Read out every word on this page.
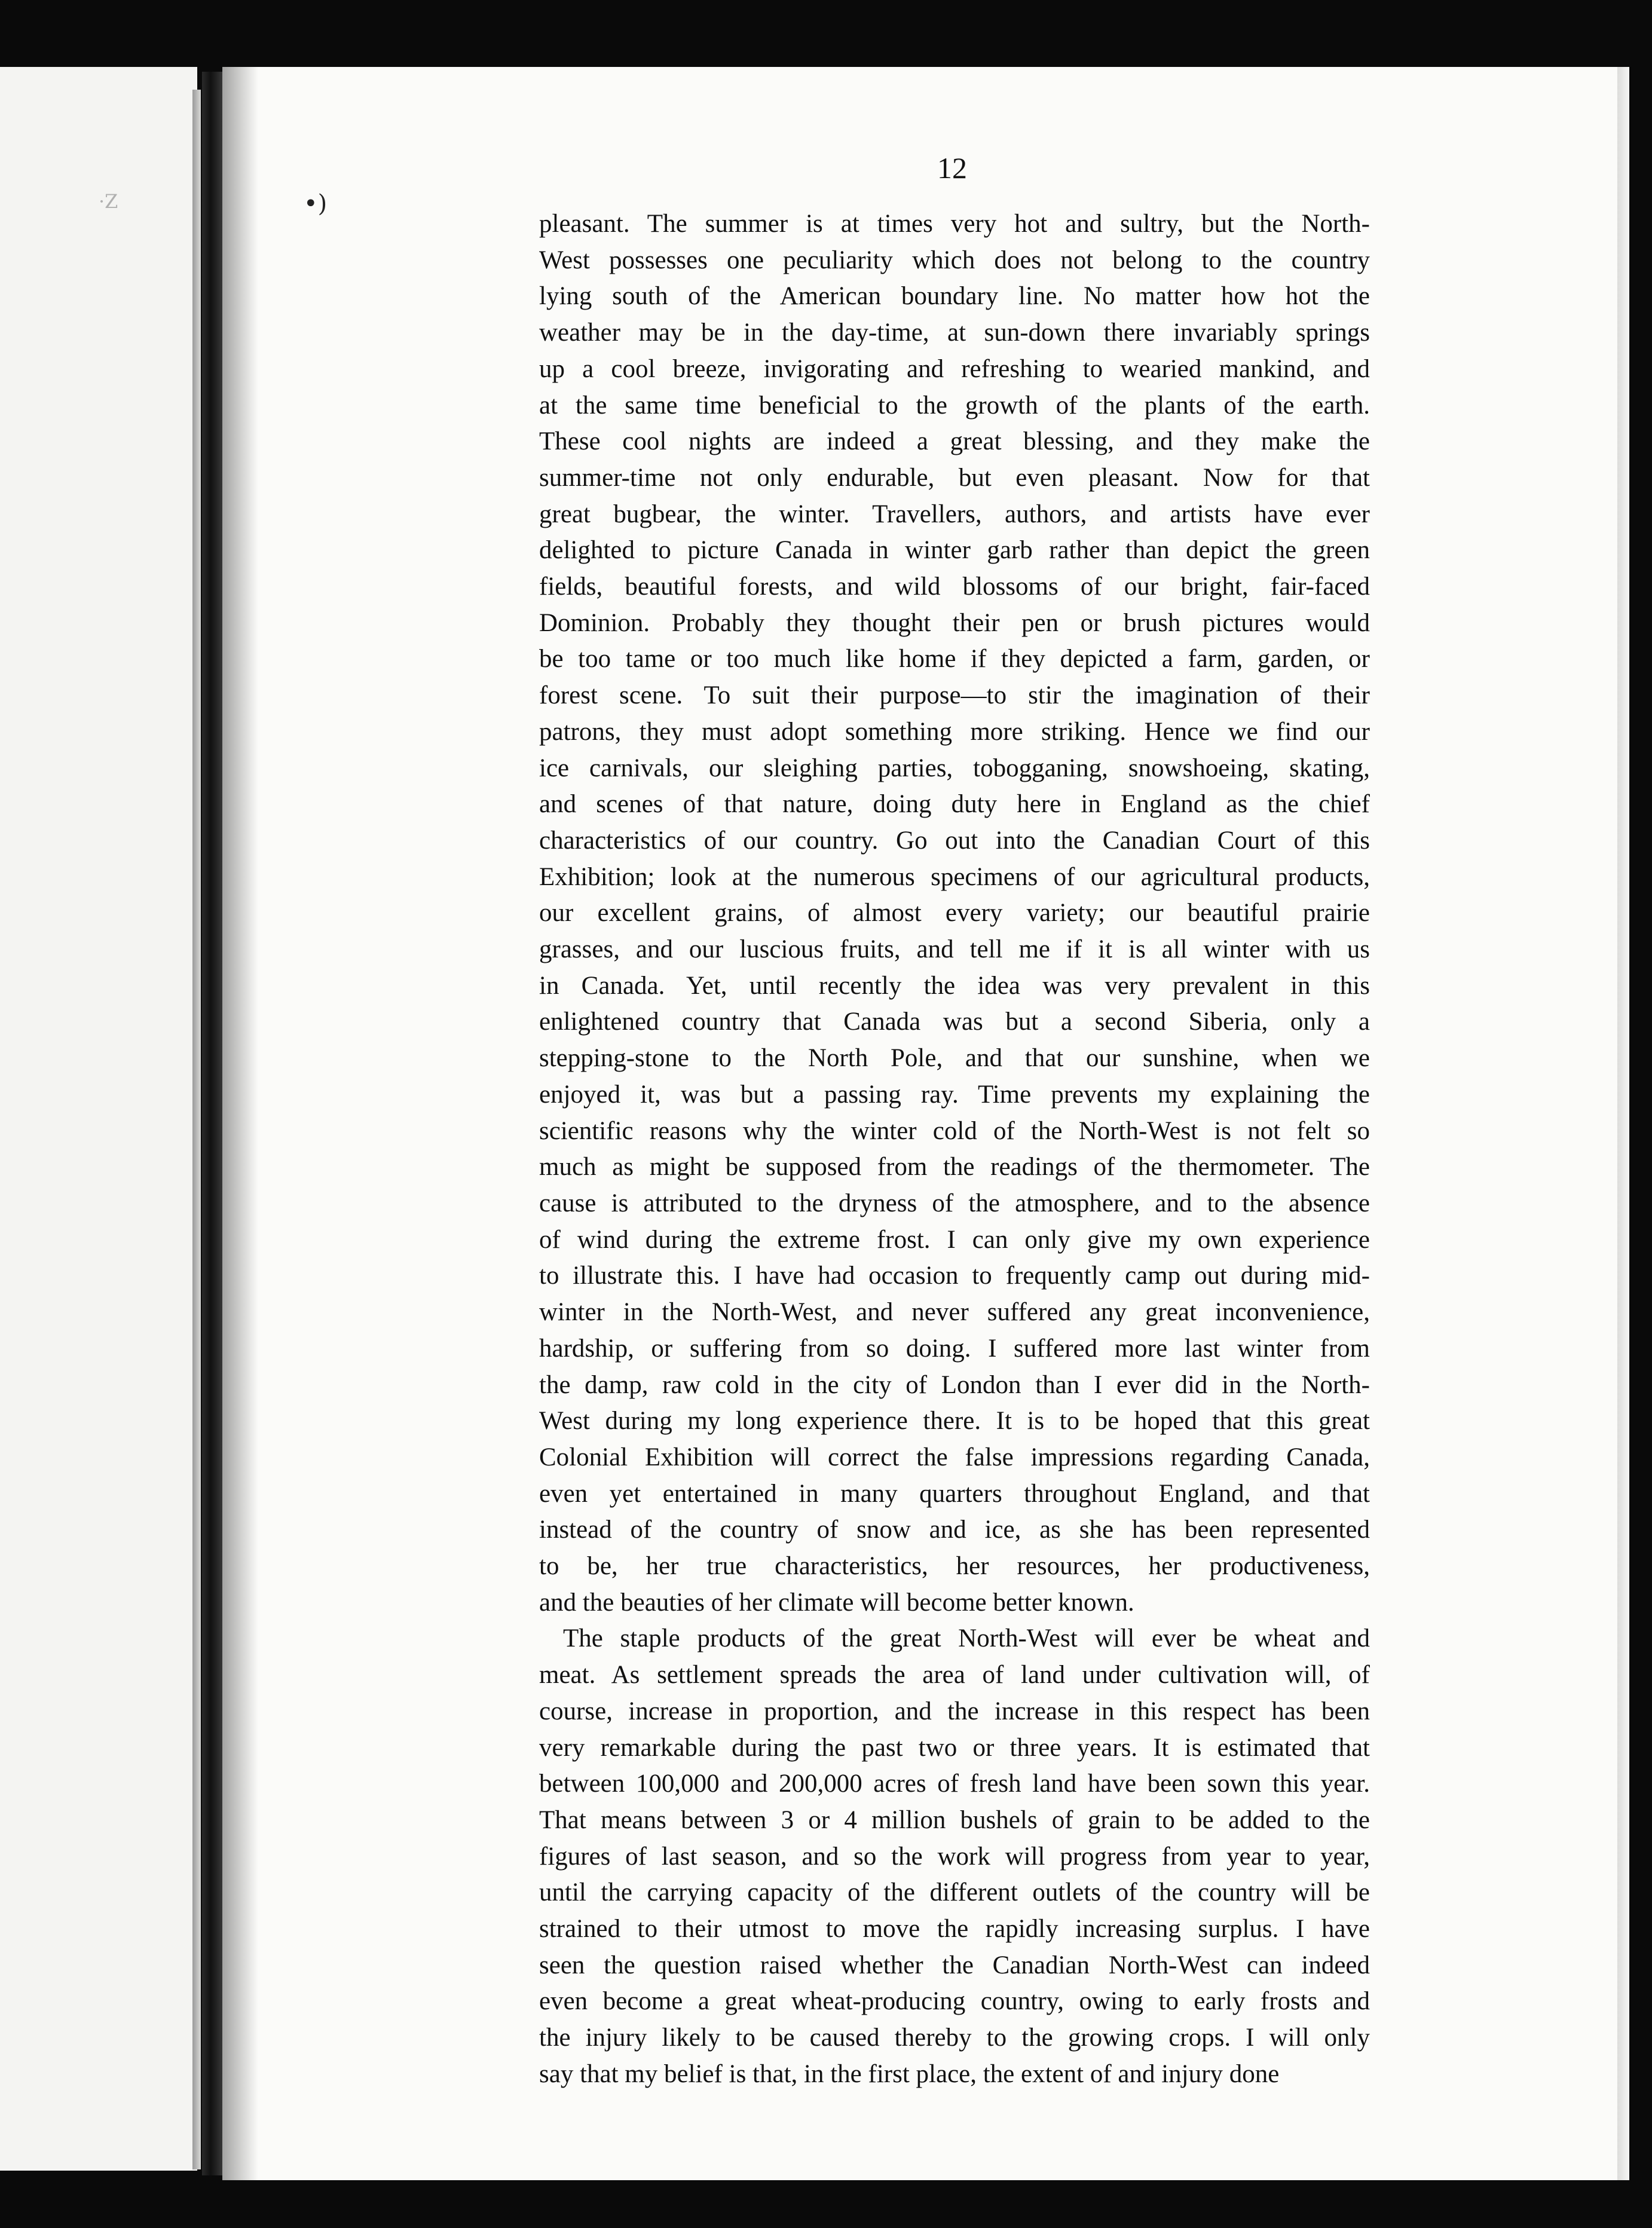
·Z	•)
12
pleasant. The summer is at times very hot and sultry, but the North-
West possesses one peculiarity which does not belong to the country
lying south of the American boundary line. No matter how hot the
weather may be in the day-time, at sun-down there invariably springs
up a cool breeze, invigorating and refreshing to wearied mankind, and
at the same time beneficial to the growth of the plants of the earth.
These cool nights are indeed a great blessing, and they make the
summer-time not only endurable, but even pleasant. Now for that
great bugbear, the winter. Travellers, authors, and artists have ever
delighted to picture Canada in winter garb rather than depict the green
fields, beautiful forests, and wild blossoms of our bright, fair-faced
Dominion. Probably they thought their pen or brush pictures would
be too tame or too much like home if they depicted a farm, garden, or
forest scene. To suit their purpose—to stir the imagination of their
patrons, they must adopt something more striking. Hence we find our
ice carnivals, our sleighing parties, tobogganing, snowshoeing, skating,
and scenes of that nature, doing duty here in England as the chief
characteristics of our country. Go out into the Canadian Court of this
Exhibition; look at the numerous specimens of our agricultural products,
our excellent grains, of almost every variety; our beautiful prairie
grasses, and our luscious fruits, and tell me if it is all winter with us
in Canada. Yet, until recently the idea was very prevalent in this
enlightened country that Canada was but a second Siberia, only a
stepping-stone to the North Pole, and that our sunshine, when we
enjoyed it, was but a passing ray. Time prevents my explaining the
scientific reasons why the winter cold of the North-West is not felt so
much as might be supposed from the readings of the thermometer. The
cause is attributed to the dryness of the atmosphere, and to the absence
of wind during the extreme frost. I can only give my own experience
to illustrate this. I have had occasion to frequently camp out during mid-
winter in the North-West, and never suffered any great inconvenience,
hardship, or suffering from so doing. I suffered more last winter from
the damp, raw cold in the city of London than I ever did in the North-
West during my long experience there. It is to be hoped that this great
Colonial Exhibition will correct the false impressions regarding Canada,
even yet entertained in many quarters throughout England, and that
instead of the country of snow and ice, as she has been represented
to be, her true characteristics, her resources, her productiveness,
and the beauties of her climate will become better known.
The staple products of the great North-West will ever be wheat and
meat. As settlement spreads the area of land under cultivation will, of
course, increase in proportion, and the increase in this respect has been
very remarkable during the past two or three years. It is estimated that
between 100,000 and 200,000 acres of fresh land have been sown this year.
That means between 3 or 4 million bushels of grain to be added to the
figures of last season, and so the work will progress from year to year,
until the carrying capacity of the different outlets of the country will be
strained to their utmost to move the rapidly increasing surplus. I have
seen the question raised whether the Canadian North-West can indeed
even become a great wheat-producing country, owing to early frosts and
the injury likely to be caused thereby to the growing crops. I will only
say that my belief is that, in the first place, the extent of and injury done
